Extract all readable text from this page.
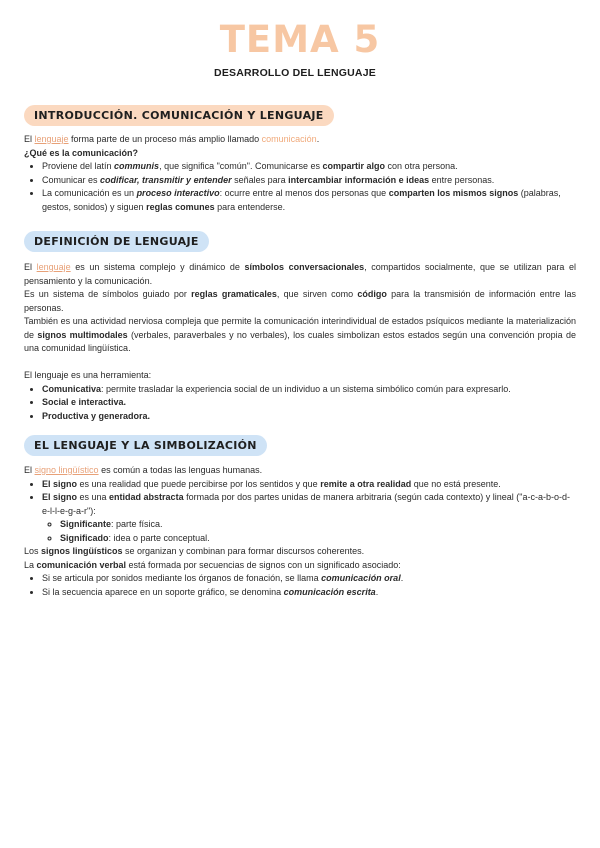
TEMA 5
DESARROLLO DEL LENGUAJE
INTRODUCCIÓN. COMUNICACIÓN Y LENGUAJE

El lenguaje forma parte de un proceso más amplio llamado comunicación.

¿Qué es la comunicación?

• Proviene del latín communis, que significa "común". Comunicarse es compartir algo con otra persona.
• Comunicar es codificar, transmitir y entender señales para intercambiar información e ideas entre personas.
• La comunicación es un proceso interactivo: ocurre entre al menos dos personas que comparten los mismos signos (palabras, gestos, sonidos) y siguen reglas comunes para entenderse.
DEFINICIÓN DE LENGUAJE

El lenguaje es un sistema complejo y dinámico de símbolos conversacionales, compartidos socialmente, que se utilizan para el pensamiento y la comunicación.

Es un sistema de símbolos guiado por reglas gramaticales, que sirven como código para la transmisión de información entre las personas.

También es una actividad nerviosa compleja que permite la comunicación interindividual de estados psíquicos mediante la materialización de signos multimodales (verbales, paraverbales y no verbales), los cuales simbolizan estos estados según una convención propia de una comunidad lingüística.

El lenguaje es una herramienta:

• Comunicativa: permite trasladar la experiencia social de un individuo a un sistema simbólico común para expresarlo.
• Social e interactiva.
• Productiva y generadora.
EL LENGUAJE Y LA SIMBOLIZACIÓN

El signo lingüístico es común a todas las lenguas humanas.

• El signo es una realidad que puede percibirse por los sentidos y que remite a otra realidad que no está presente.
• El signo es una entidad abstracta formada por dos partes unidas de manera arbitraria (según cada contexto) y lineal ("a-c-a-b-o-d-e-l-l-e-g-a-r"):
◦ Significante: parte física.
◦ Significado: idea o parte conceptual.

Los signos lingüísticos se organizan y combinan para formar discursos coherentes.

La comunicación verbal está formada por secuencias de signos con un significado asociado:

• Si se articula por sonidos mediante los órganos de fonación, se llama comunicación oral.
• Si la secuencia aparece en un soporte gráfico, se denomina comunicación escrita.
